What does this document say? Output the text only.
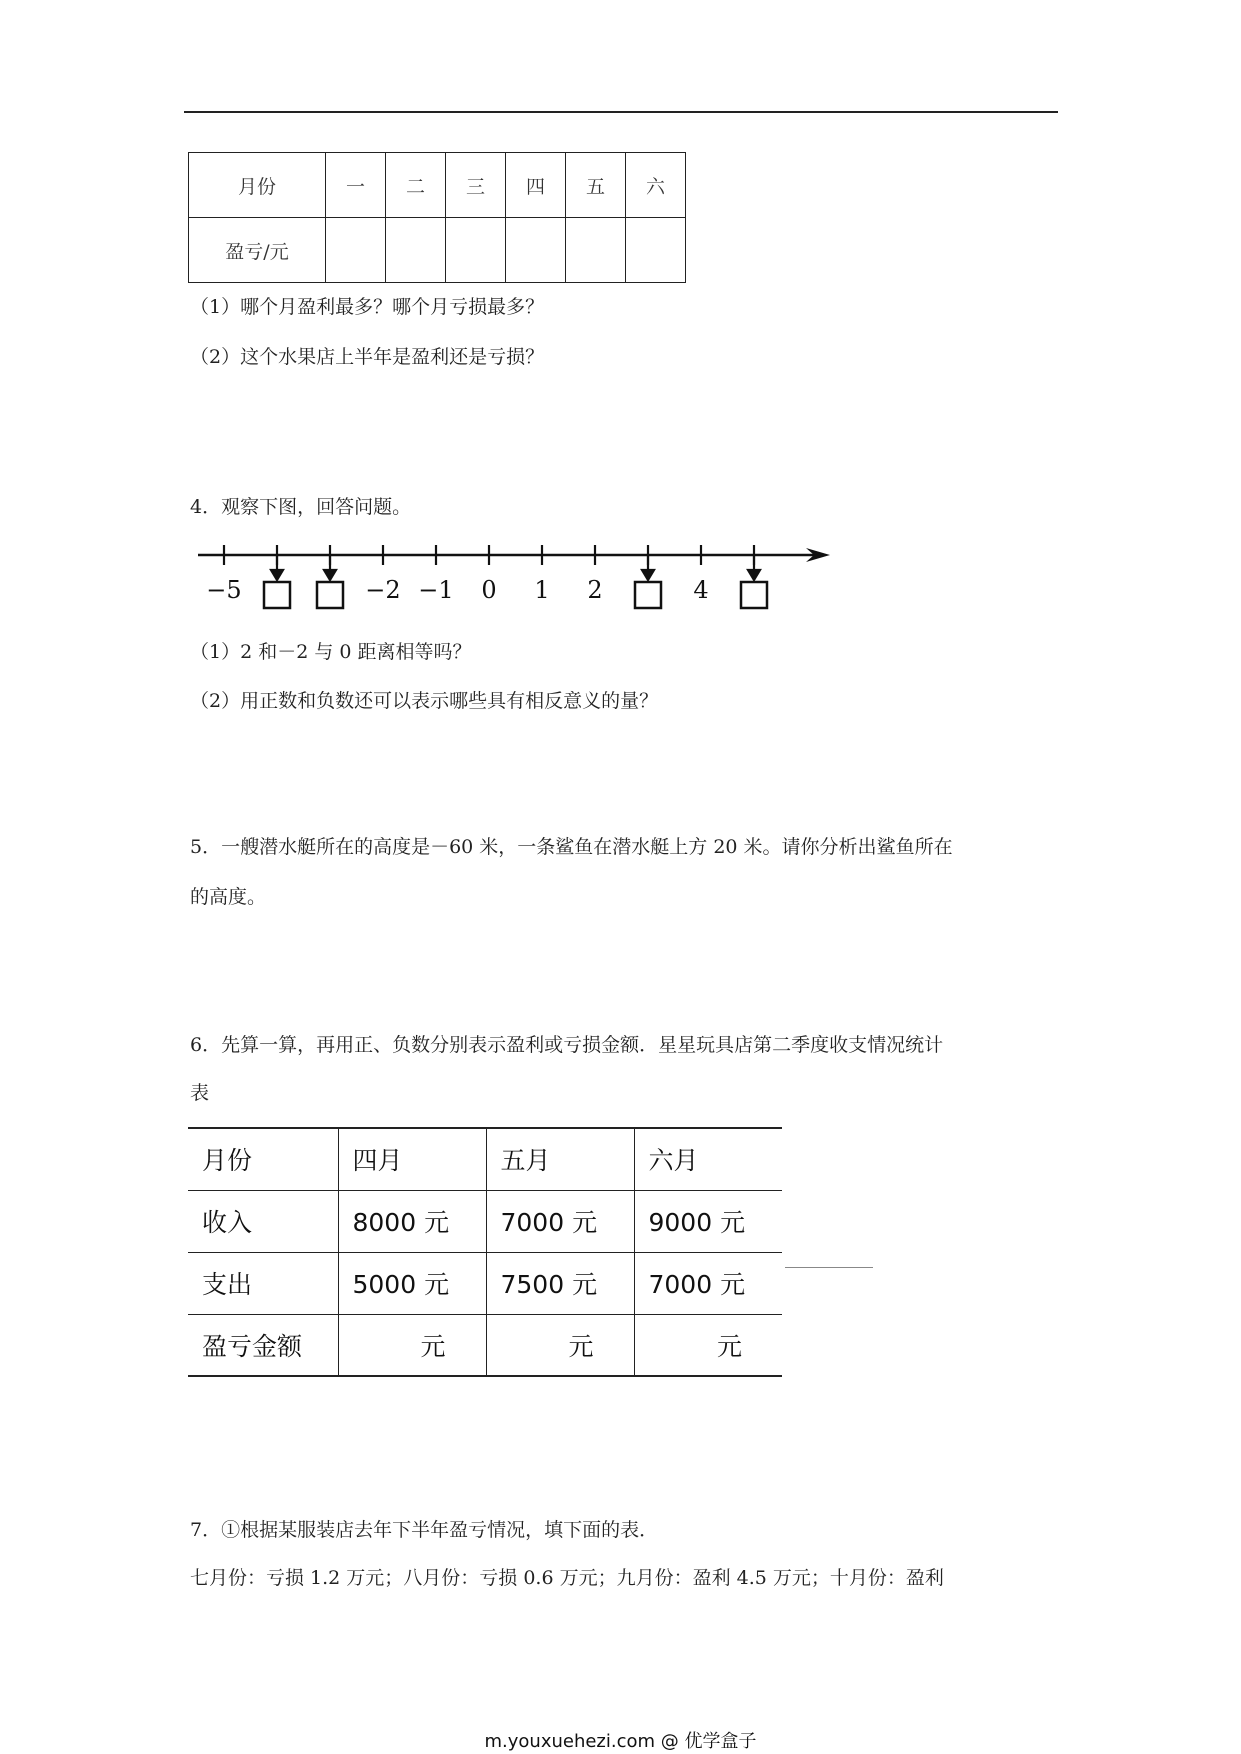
月份	一	二	三	四	五	六
盈亏/元						
（1）哪个月盈利最多？哪个月亏损最多？
（2）这个水果店上半年是盈利还是亏损？
4．观察下图，回答问题。
−5	−2 −1 0 1 2	4
（1）2 和－2 与 0 距离相等吗？
（2）用正数和负数还可以表示哪些具有相反意义的量？
5．一艘潜水艇所在的高度是－60 米，一条鲨鱼在潜水艇上方 20 米。请你分析出鲨鱼所在
的高度。
6．先算一算，再用正、负数分别表示盈利或亏损金额．星星玩具店第二季度收支情况统计
表
月份	四月	五月	六月
收入	8000 元	7000 元	9000 元
支出	5000 元	7500 元	7000 元
盈亏金额	元	元	元
7．①根据某服装店去年下半年盈亏情况，填下面的表．
七月份：亏损 1.2 万元；八月份：亏损 0.6 万元；九月份：盈利 4.5 万元；十月份：盈利
m.youxuehezi.com @ 优学盒子
